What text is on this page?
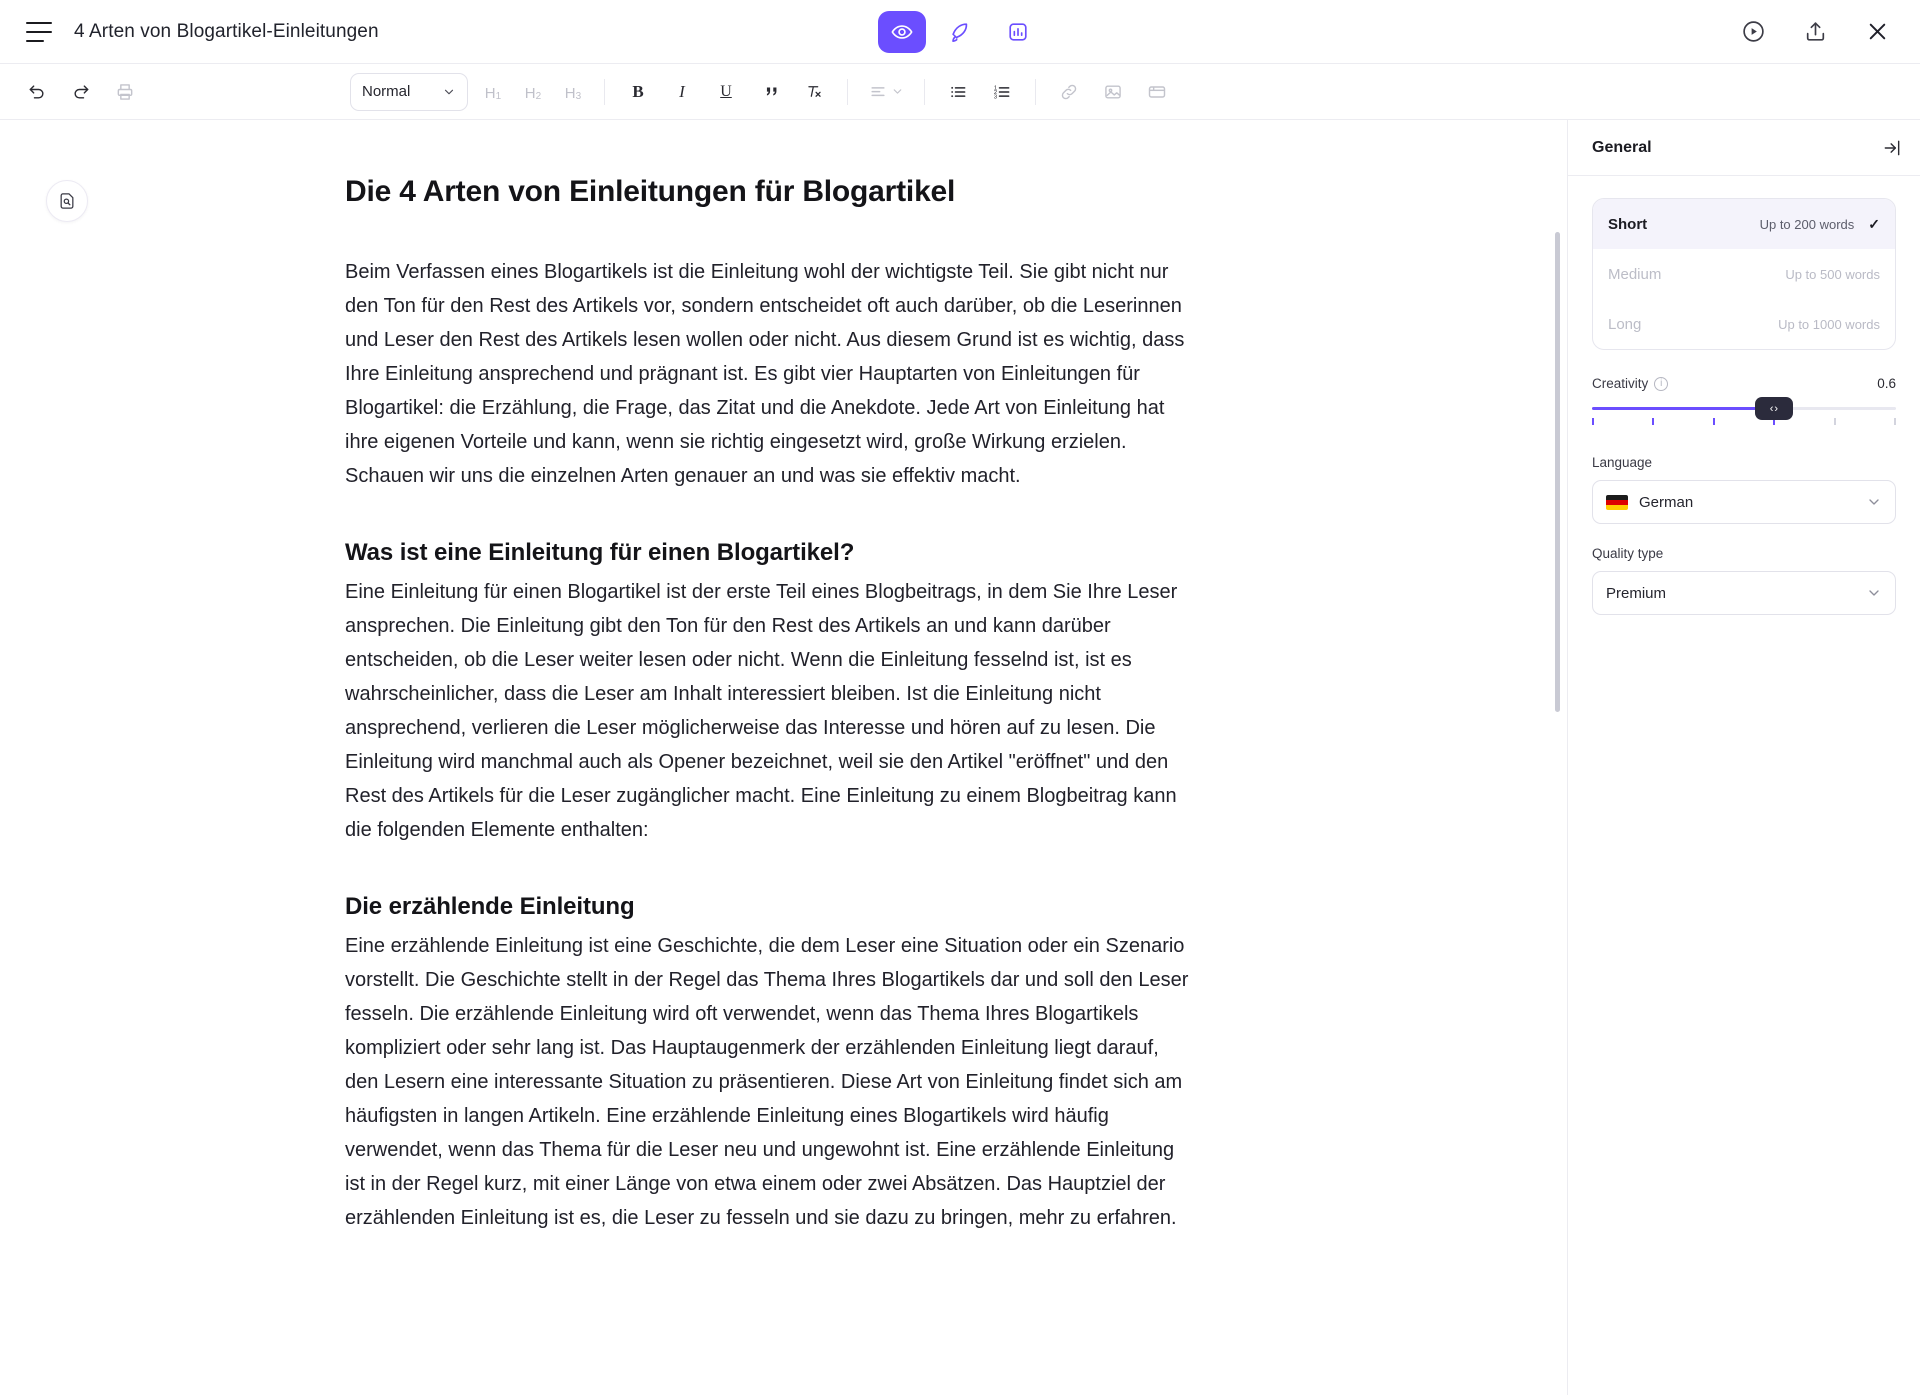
4 Arten von Blogartikel-Einleitungen
Normal	H 1	H 2	H 3	B I U	1
2
3
Die 4 Arten von Einleitungen für Blogartikel

Beim Verfassen eines Blogartikels ist die Einleitung wohl der wichtigste Teil. Sie gibt nicht nur den Ton für den Rest des Artikels vor, sondern entscheidet oft auch darüber, ob die Leserinnen und Leser den Rest des Artikels lesen wollen oder nicht. Aus diesem Grund ist es wichtig, dass Ihre Einleitung ansprechend und prägnant ist. Es gibt vier Hauptarten von Einleitungen für Blogartikel: die Erzählung, die Frage, das Zitat und die Anekdote. Jede Art von Einleitung hat ihre eigenen Vorteile und kann, wenn sie richtig eingesetzt wird, große Wirkung erzielen. Schauen wir uns die einzelnen Arten genauer an und was sie effektiv macht.

Was ist eine Einleitung für einen Blogartikel?

Eine Einleitung für einen Blogartikel ist der erste Teil eines Blogbeitrags, in dem Sie Ihre Leser ansprechen. Die Einleitung gibt den Ton für den Rest des Artikels an und kann darüber entscheiden, ob die Leser weiter lesen oder nicht. Wenn die Einleitung fesselnd ist, ist es wahrscheinlicher, dass die Leser am Inhalt interessiert bleiben. Ist die Einleitung nicht ansprechend, verlieren die Leser möglicherweise das Interesse und hören auf zu lesen. Die Einleitung wird manchmal auch als Opener bezeichnet, weil sie den Artikel "eröffnet" und den Rest des Artikels für die Leser zugänglicher macht. Eine Einleitung zu einem Blogbeitrag kann die folgenden Elemente enthalten:

Die erzählende Einleitung

Eine erzählende Einleitung ist eine Geschichte, die dem Leser eine Situation oder ein Szenario vorstellt. Die Geschichte stellt in der Regel das Thema Ihres Blogartikels dar und soll den Leser fesseln. Die erzählende Einleitung wird oft verwendet, wenn das Thema Ihres Blogartikels kompliziert oder sehr lang ist. Das Hauptaugenmerk der erzählenden Einleitung liegt darauf, den Lesern eine interessante Situation zu präsentieren. Diese Art von Einleitung findet sich am häufigsten in langen Artikeln. Eine erzählende Einleitung eines Blogartikels wird häufig verwendet, wenn das Thema für die Leser neu und ungewohnt ist. Eine erzählende Einleitung ist in der Regel kurz, mit einer Länge von etwa einem oder zwei Absätzen. Das Hauptziel der erzählenden Einleitung ist es, die Leser zu fesseln und sie dazu zu bringen, mehr zu erfahren.

General
Short	Up to 200 words ✓
Medium	Up to 500 words
Long	Up to 1000 words
Creativity	i	0.6
‹›
Language
German
Quality type
Premium
